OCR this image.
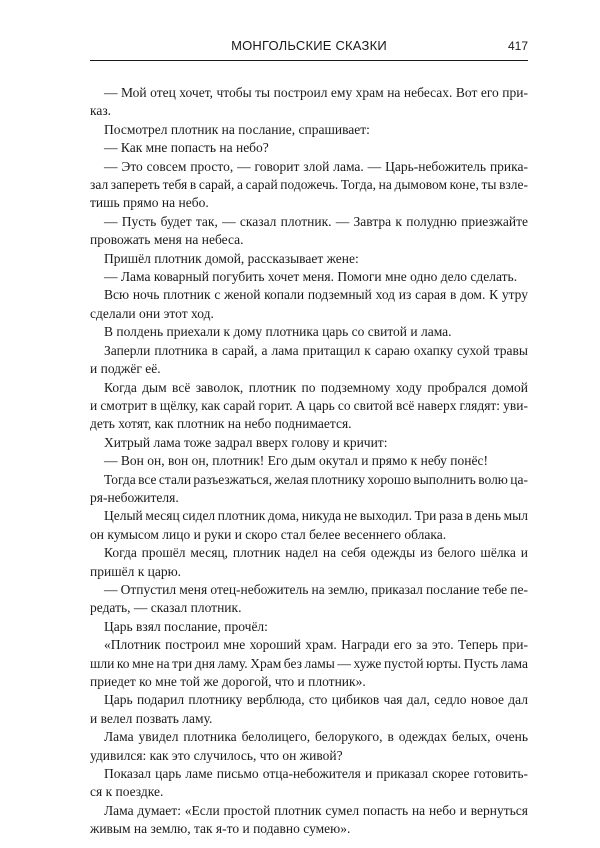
МОНГОЛЬСКИЕ СКАЗКИ	417

— Мой отец хочет, чтобы ты построил ему храм на небесах. Вот его при-
каз.

Посмотрел плотник на послание, спрашивает:

— Как мне попасть на небо?

— Это совсем просто, — говорит злой лама. — Царь-небожитель прика-
зал запереть тебя в сарай, а сарай подожечь. Тогда, на дымовом коне, ты взле-
тишь прямо на небо.

— Пусть будет так, — сказал плотник. — Завтра к полудню приезжайте
провожать меня на небеса.

Пришёл плотник домой, рассказывает жене:

— Лама коварный погубить хочет меня. Помоги мне одно дело сделать.

Всю ночь плотник с женой копали подземный ход из сарая в дом. К утру
сделали они этот ход.

В полдень приехали к дому плотника царь со свитой и лама.

Заперли плотника в сарай, а лама притащил к сараю охапку сухой травы
и поджёг её.

Когда дым всё заволок, плотник по подземному ходу пробрался домой
и смотрит в щёлку, как сарай горит. А царь со свитой всё наверх глядят: уви-
деть хотят, как плотник на небо поднимается.

Хитрый лама тоже задрал вверх голову и кричит:

— Вон он, вон он, плотник! Его дым окутал и прямо к небу понёс!

Тогда все стали разъезжаться, желая плотнику хорошо выполнить волю ца-
ря-небожителя.

Целый месяц сидел плотник дома, никуда не выходил. Три раза в день мыл
он кумысом лицо и руки и скоро стал белее весеннего облака.

Когда прошёл месяц, плотник надел на себя одежды из белого шёлка и
пришёл к царю.

— Отпустил меня отец-небожитель на землю, приказал послание тебе пе-
редать, — сказал плотник.

Царь взял послание, прочёл:

«Плотник построил мне хороший храм. Награди его за это. Теперь при-
шли ко мне на три дня ламу. Храм без ламы — хуже пустой юрты. Пусть лама
приедет ко мне той же дорогой, что и плотник».

Царь подарил плотнику верблюда, сто цибиков чая дал, седло новое дал
и велел позвать ламу.

Лама увидел плотника белолицего, белорукого, в одеждах белых, очень
удивился: как это случилось, что он живой?

Показал царь ламе письмо отца-небожителя и приказал скорее готовить-
ся к поездке.

Лама думает: «Если простой плотник сумел попасть на небо и вернуться
живым на землю, так я-то и подавно сумею».
